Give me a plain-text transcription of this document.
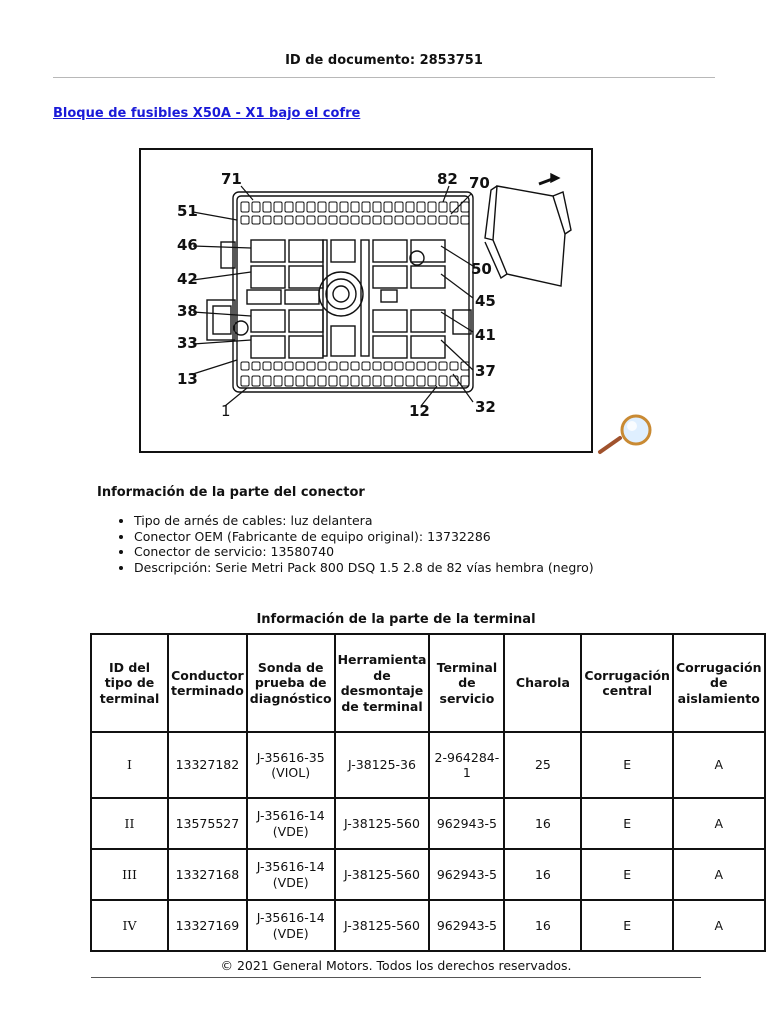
ID de documento: 2853751
Bloque de fusibles X50A - X1 bajo el cofre
71	82 70
51
46
42
38
33
13
1	12	32
37
41
45
50
Información de la parte del conector
• Tipo de arnés de cables: luz delantera
• Conector OEM (Fabricante de equipo original): 13732286
• Conector de servicio: 13580740
• Descripción: Serie Metri Pack 800 DSQ 1.5 2.8 de 82 vías hembra (negro)
Información de la parte de la terminal
ID del tipo de terminal	Conductor terminado	Sonda de prueba de diagnóstico	Herramienta de desmontaje de terminal	Terminal de servicio	Charola	Corrugación central	Corrugación de aislamiento
I	13327182	J-35616-35 (VIOL)	J-38125-36	2-964284-1	25	E	A
II	13575527	J-35616-14 (VDE)	J-38125-560	962943-5	16	E	A
III	13327168	J-35616-14 (VDE)	J-38125-560	962943-5	16	E	A
IV	13327169	J-35616-14 (VDE)	J-38125-560	962943-5	16	E	A
© 2021 General Motors. Todos los derechos reservados.
